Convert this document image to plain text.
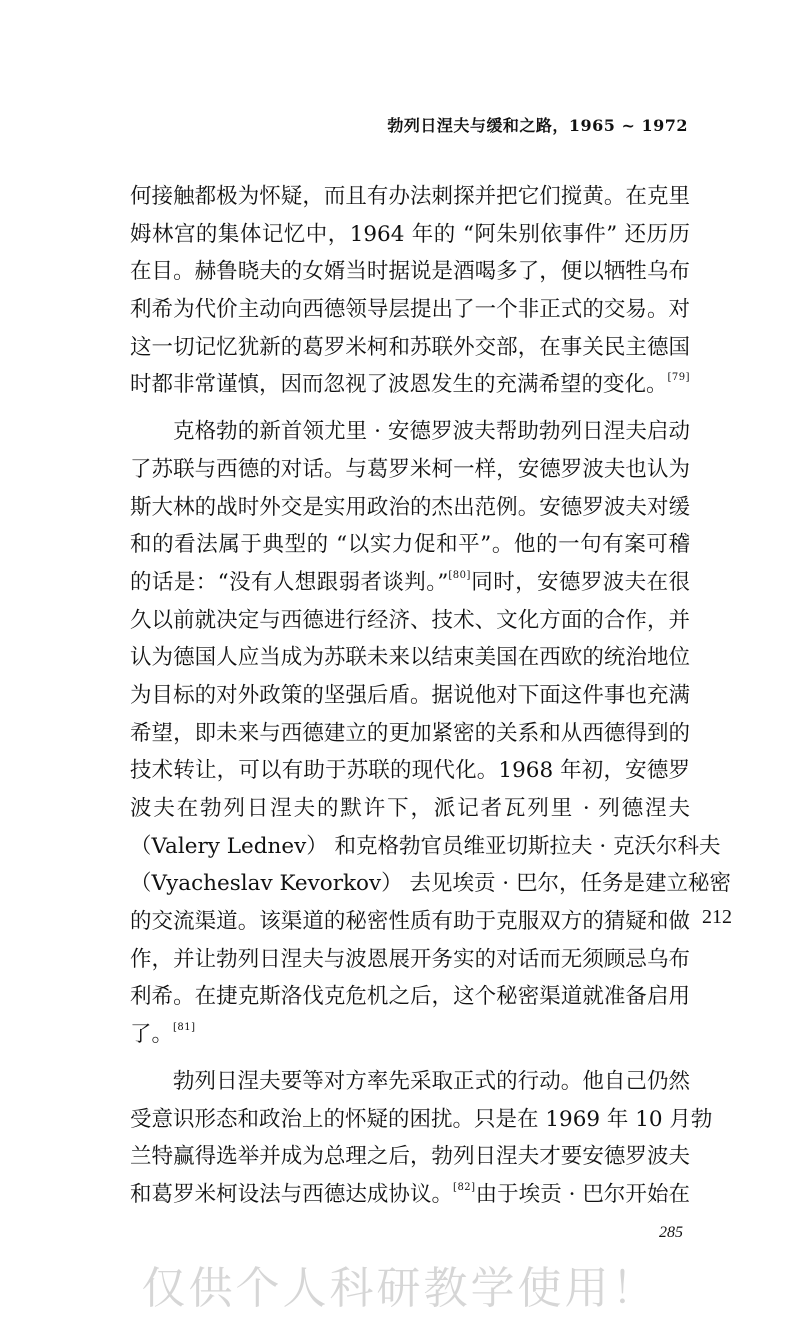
勃列日涅夫与缓和之路，1965 ~ 1972
何接触都极为怀疑，而且有办法刺探并把它们搅黄。在克里
姆林宫的集体记忆中，1964 年的 “阿朱别依事件” 还历历
在目。赫鲁晓夫的女婿当时据说是酒喝多了，便以牺牲乌布
利希为代价主动向西德领导层提出了一个非正式的交易。对
这一切记忆犹新的葛罗米柯和苏联外交部，在事关民主德国
时都非常谨慎，因而忽视了波恩发生的充满希望的变化。[79]
克格勃的新首领尤里 · 安德罗波夫帮助勃列日涅夫启动
了苏联与西德的对话。与葛罗米柯一样，安德罗波夫也认为
斯大林的战时外交是实用政治的杰出范例。安德罗波夫对缓
和的看法属于典型的 “以实力促和平”。他的一句有案可稽
的话是：“没有人想跟弱者谈判。”[80]同时，安德罗波夫在很
久以前就决定与西德进行经济、技术、文化方面的合作，并
认为德国人应当成为苏联未来以结束美国在西欧的统治地位
为目标的对外政策的坚强后盾。据说他对下面这件事也充满
希望，即未来与西德建立的更加紧密的关系和从西德得到的
技术转让，可以有助于苏联的现代化。1968 年初，安德罗
波夫在勃列日涅夫的默许下，派记者瓦列里 · 列德涅夫
（Valery Lednev） 和克格勃官员维亚切斯拉夫 · 克沃尔科夫
（Vyacheslav Kevorkov） 去见埃贡 · 巴尔，任务是建立秘密
的交流渠道。该渠道的秘密性质有助于克服双方的猜疑和做
作，并让勃列日涅夫与波恩展开务实的对话而无须顾忌乌布
利希。在捷克斯洛伐克危机之后，这个秘密渠道就准备启用
了。[81]
勃列日涅夫要等对方率先采取正式的行动。他自己仍然
受意识形态和政治上的怀疑的困扰。只是在 1969 年 10 月勃
兰特赢得选举并成为总理之后，勃列日涅夫才要安德罗波夫
和葛罗米柯设法与西德达成协议。[82]由于埃贡 · 巴尔开始在
212
285
仅供个人科研教学使用！
